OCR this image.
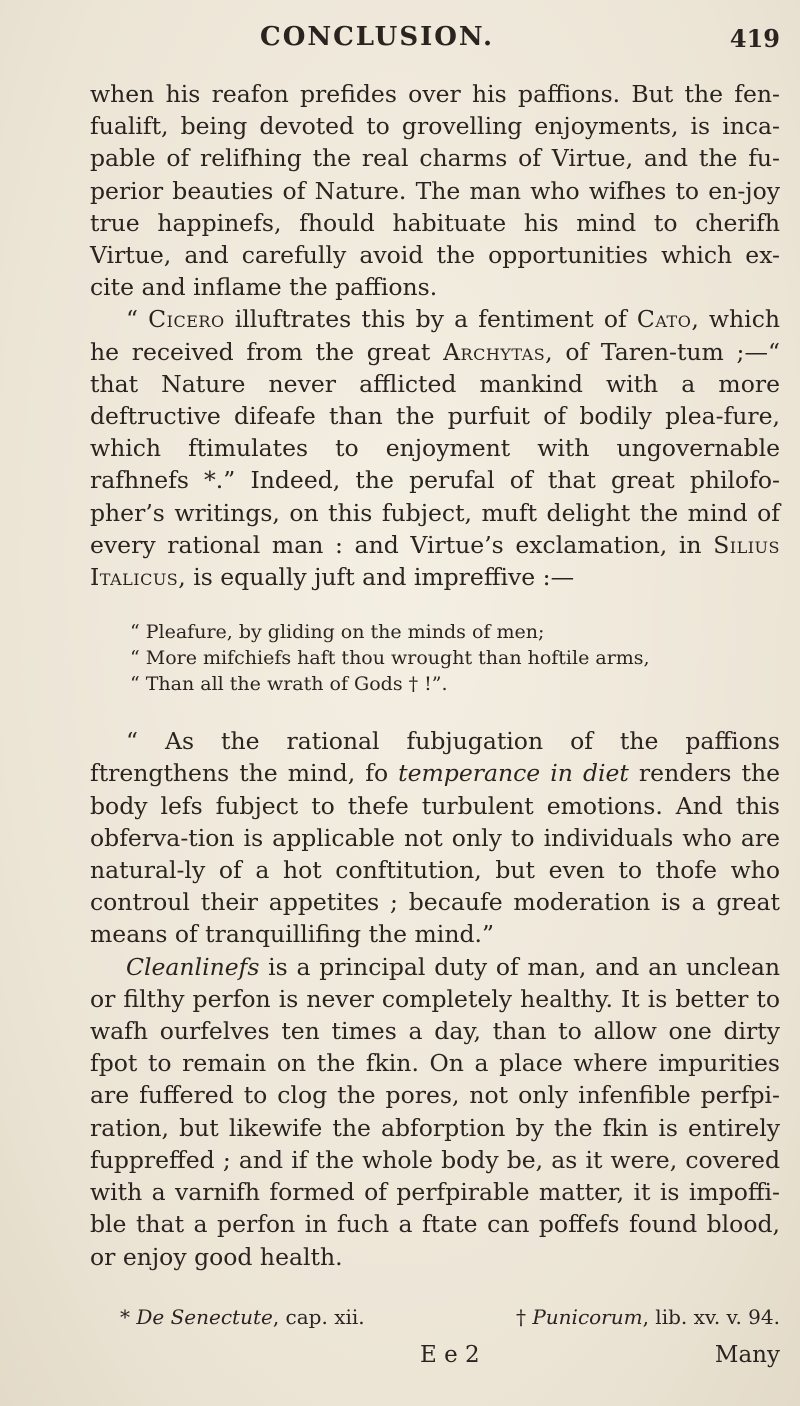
CONCLUSION.	419

when his reafon prefides over his paffions. But the fen-fualift, being devoted to grovelling enjoyments, is inca-pable of relifhing the real charms of Virtue, and the fu-perior beauties of Nature. The man who wifhes to en-joy true happinefs, fhould habituate his mind to cherifh Virtue, and carefully avoid the opportunities which ex-cite and inflame the paffions.

“ Cicero illuftrates this by a fentiment of Cato, which he received from the great Archytas, of Taren-tum ;—“ that Nature never afflicted mankind with a more deftructive difeafe than the purfuit of bodily plea-fure, which ftimulates to enjoyment with ungovernable rafhnefs *.” Indeed, the perufal of that great philofo-pher’s writings, on this fubject, muft delight the mind of every rational man : and Virtue’s exclamation, in Silius Italicus, is equally juft and impreffive :—

“ Pleafure, by gliding on the minds of men;
“ More mifchiefs haft thou wrought than hoftile arms,
“ Than all the wrath of Gods † !”.

“ As the rational fubjugation of the paffions ftrengthens the mind, fo temperance in diet renders the body lefs fubject to thefe turbulent emotions. And this obferva-tion is applicable not only to individuals who are natural-ly of a hot conftitution, but even to thofe who controul their appetites ; becaufe moderation is a great means of tranquillifing the mind.”

Cleanlinefs is a principal duty of man, and an unclean or filthy perfon is never completely healthy. It is better to wafh ourfelves ten times a day, than to allow one dirty fpot to remain on the fkin. On a place where impurities are fuffered to clog the pores, not only infenfible perfpi-ration, but likewife the abforption by the fkin is entirely fuppreffed ; and if the whole body be, as it were, covered with a varnifh formed of perfpirable matter, it is impoffi-ble that a perfon in fuch a ftate can poffefs found blood, or enjoy good health.

* De Senectute, cap. xii.	† Punicorum, lib. xv. v. 94.
E e 2	Many
